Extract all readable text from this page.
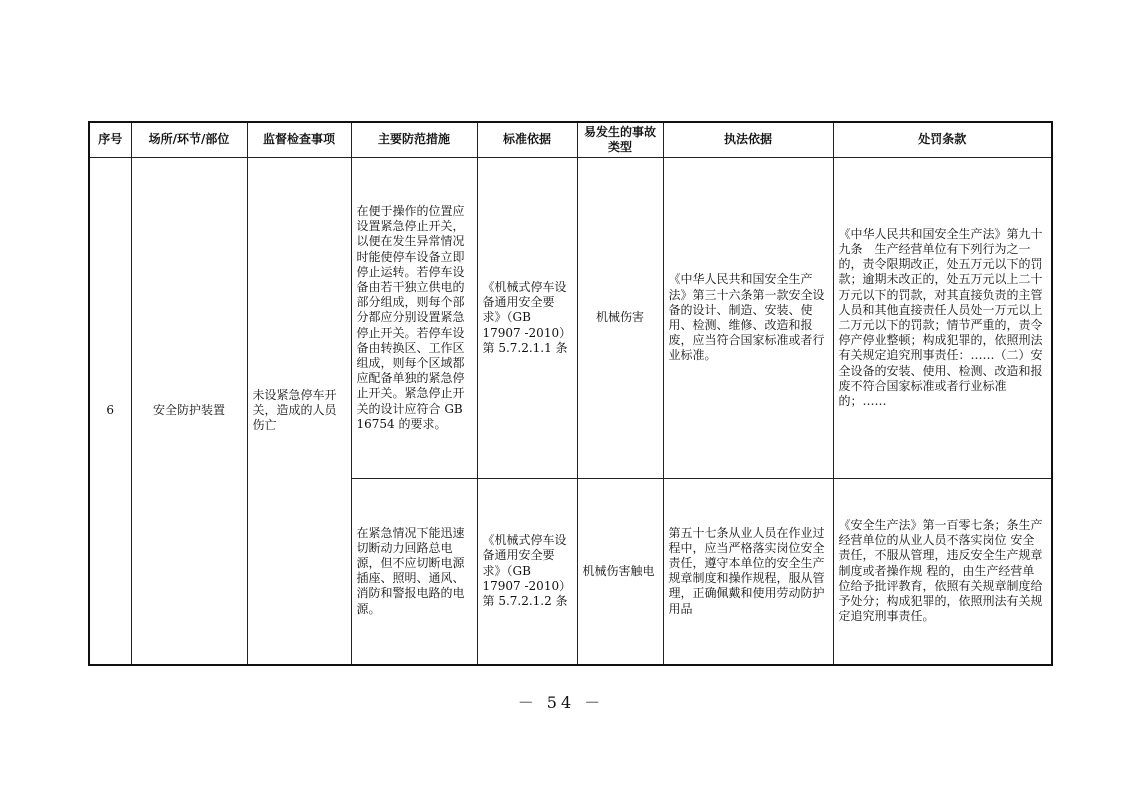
序号	场所/环节/部位	监督检查事项	主要防范措施	标准依据	易发生的事故类型	执法依据	处罚条款
6	安全防护装置	未设紧急停车开关，造成的人员伤亡	在便于操作的位置应设置紧急停止开关，以便在发生异常情况时能使停车设备立即停止运转。若停车设备由若干独立供电的部分组成，则每个部分都应分别设置紧急停止开关。若停车设备由转换区、工作区组成，则每个区域都应配备单独的紧急停止开关。紧急停止开关的设计应符合 GB 16754 的要求。	《机械式停车设备通用安全要求》（GB 17907 -2010）第 5.7.2.1.1 条	机械伤害	《中华人民共和国安全生产法》第三十六条第一款安全设备的设计、制造、安装、使用、检测、维修、改造和报废，应当符合国家标准或者行业标准。	《中华人民共和国安全生产法》第九十九条　生产经营单位有下列行为之一的，责令限期改正，处五万元以下的罚款；逾期未改正的，处五万元以上二十万元以下的罚款，对其直接负责的主管人员和其他直接责任人员处一万元以上二万元以下的罚款；情节严重的，责令停产停业整顿；构成犯罪的，依照刑法有关规定追究刑事责任：……（二）安全设备的安装、使用、检测、改造和报废不符合国家标准或者行业标准的；……
			在紧急情况下能迅速切断动力回路总电源，但不应切断电源插座、照明、通风、消防和警报电路的电源。	《机械式停车设备通用安全要求》（GB 17907 -2010）第 5.7.2.1.2 条	机械伤害触电	第五十七条从业人员在作业过程中，应当严格落实岗位安全责任，遵守本单位的安全生产规章制度和操作规程，服从管理，正确佩戴和使用劳动防护用品	《安全生产法》第一百零七条；条生产经营单位的从业人员不落实岗位 安全责任，不服从管理，违反安全生产规章制度或者操作规 程的，由生产经营单位给予批评教育，依照有关规章制度给 予处分；构成犯罪的，依照刑法有关规定追究刑事责任。
－ 54 －
